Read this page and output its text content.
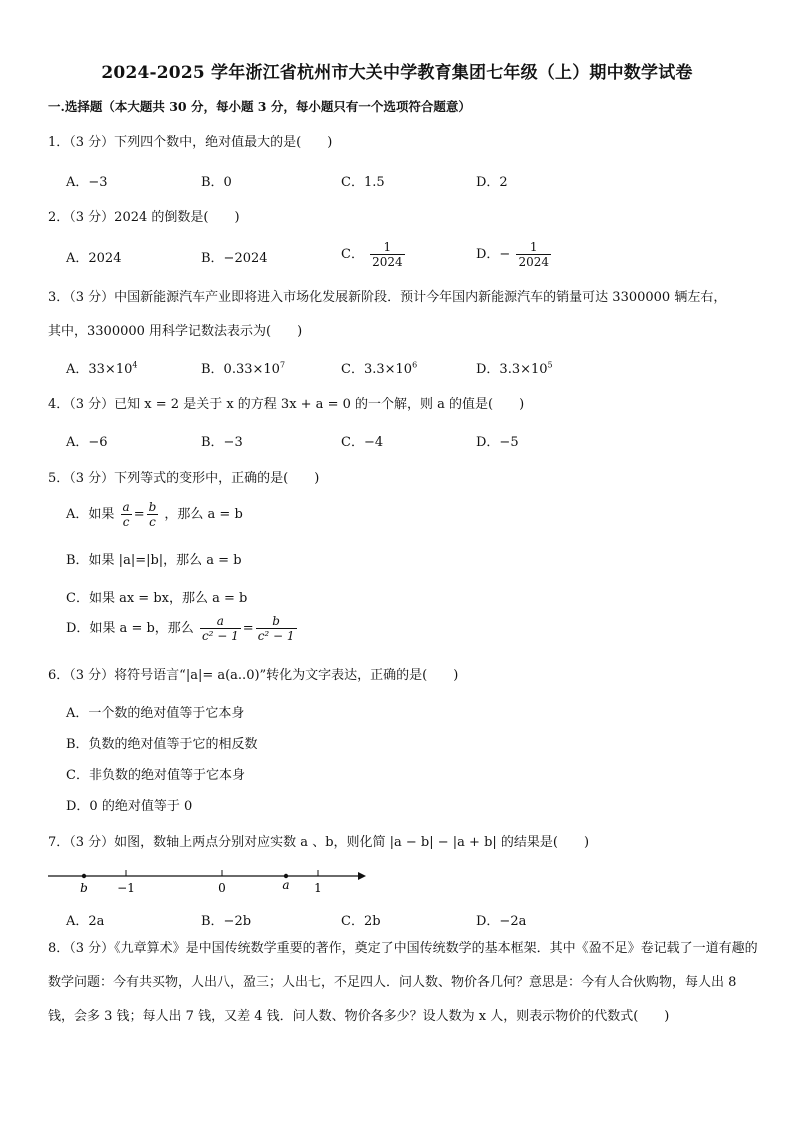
2024-2025 学年浙江省杭州市大关中学教育集团七年级（上）期中数学试卷
一.选择题（本大题共 30 分，每小题 3 分，每小题只有一个选项符合题意）
1．（3 分）下列四个数中，绝对值最大的是(　　)
A．−3	B．0	C．1.5	D．2
2．（3 分）2024 的倒数是(　　)
A．2024	B．−2024	C． $\frac{1}{2024}$	D．− $\frac{1}{2024}$
3．（3 分）中国新能源汽车产业即将进入市场化发展新阶段．预计今年国内新能源汽车的销量可达 3300000 辆左右，
其中，3300000 用科学记数法表示为(　　)
A．$33\times 10^4$	B．$0.33\times 10^7$	C．$3.3\times 10^6$	D．$3.3\times 10^5$
4．（3 分）已知 x = 2 是关于 x 的方程 3x + a = 0 的一个解，则 a 的值是(　　)
A．−6	B．−3	C．−4	D．−5
5．（3 分）下列等式的变形中，正确的是(　　)
A．如果 $\frac{a}{c} = \frac{b}{c}$ ，那么 a = b
B．如果 |a|=|b|，那么 a = b
C．如果 ax = bx，那么 a = b
D．如果 a = b，那么 $\frac{a}{\text{c² − 1}} = \frac{b}{\text{c² − 1}}$
6．（3 分）将符号语言“|a|= a(a..0)”转化为文字表达，正确的是(　　)
A．一个数的绝对值等于它本身
B．负数的绝对值等于它的相反数
C．非负数的绝对值等于它本身
D．0 的绝对值等于 0
7．（3 分）如图，数轴上两点分别对应实数 a 、b，则化简 |a − b| − |a + b| 的结果是(　　)
b −1	0	a 1
A．2a	B．−2b	C．2b	D．−2a
8．（3 分）《九章算术》是中国传统数学重要的著作，奠定了中国传统数学的基本框架．其中《盈不足》卷记载了一道有趣的数学问题：今有共买物，人出八，盈三；人出七，不足四人．问人数、物价各几何？意思是：今有人合伙购物，每人出 8 钱，会多 3 钱；每人出 7 钱，又差 4 钱．问人数、物价各多少？设人数为 x 人，则表示物价的代数式(　　)
